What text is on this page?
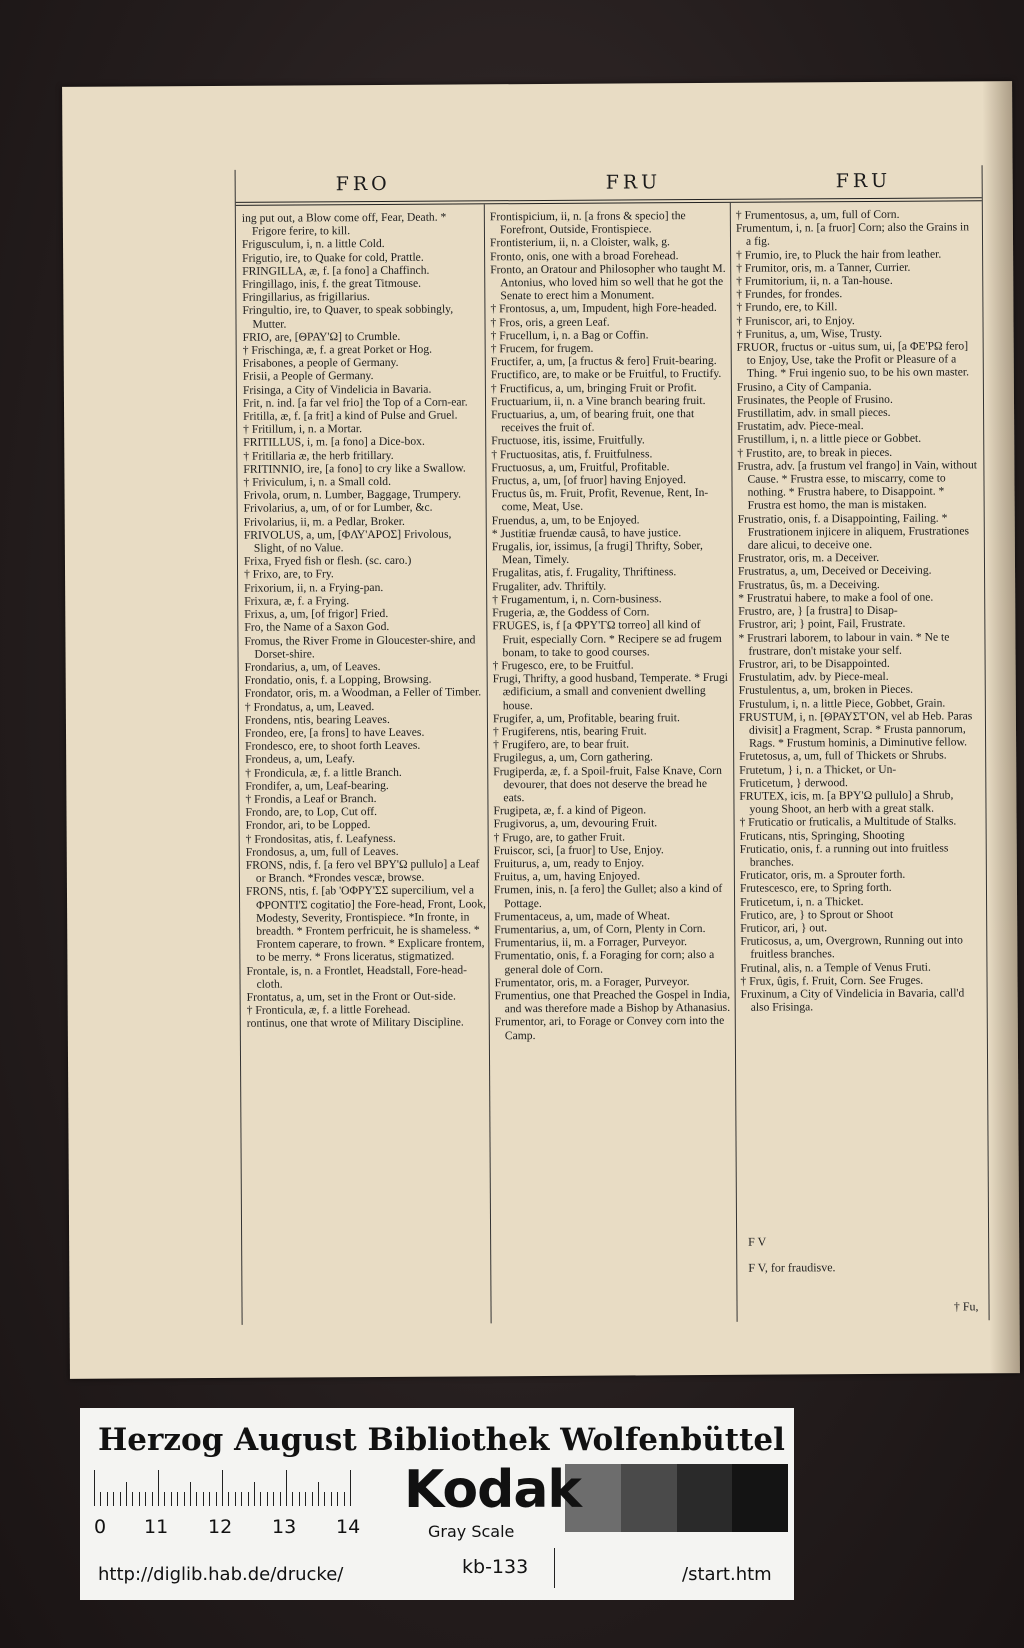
FRO	FRU	FRU
ing put out, a Blow come off, Fear, Death. * Frigore ferire, to kill.
Frigusculum, i, n. a little Cold.
Frigutio, ire, to Quake for cold, Prattle.
FRINGILLA, æ, f. [a fono] a Chaffinch.
Fringillago, inis, f. the great Titmouse.
Fringillarius, as frigillarius.
Fringultio, ire, to Quaver, to speak sobbingly, Mutter.
FRIO, are, [ΘΡΑΥ'Ω] to Crumble.
† Frischinga, æ, f. a great Porket or Hog.
Frisabones, a people of Germany.
Frisii, a People of Germany.
Frisinga, a City of Vindelicia in Bavaria.
Frit, n. ind. [a far vel frio] the Top of a Corn-ear.
Fritilla, æ, f. [a frit] a kind of Pulse and Gruel.
† Fritillum, i, n. a Mortar.
FRITILLUS, i, m. [a fono] a Dice-box.
† Fritillaria æ, the herb fritillary.
FRITINNIO, ire, [a fono] to cry like a Swallow.
† Friviculum, i, n. a Small cold.
Frivola, orum, n. Lumber, Baggage, Trumpery.
Frivolarius, a, um, of or for Lumber, &c.
Frivolarius, ii, m. a Pedlar, Broker.
FRIVOLUS, a, um, [ΦΛΥ'ΑΡΟΣ] Frivolous, Slight, of no Value.
Frixa, Fryed fish or flesh. (sc. caro.)
† Frixo, are, to Fry.
Frixorium, ii, n. a Frying-pan.
Frixura, æ, f. a Frying.
Frixus, a, um, [of frigor] Fried.
Fro, the Name of a Saxon God.
Fromus, the River Frome in Gloucester-shire, and Dorset-shire.
Frondarius, a, um, of Leaves.
Frondatio, onis, f. a Lopping, Browsing.
Frondator, oris, m. a Woodman, a Feller of Timber.
† Frondatus, a, um, Leaved.
Frondens, ntis, bearing Leaves.
Frondeo, ere, [a frons] to have Leaves.
Frondesco, ere, to shoot forth Leaves.
Frondeus, a, um, Leafy.
† Frondicula, æ, f. a little Branch.
Frondifer, a, um, Leaf-bearing.
† Frondis, a Leaf or Branch.
Frondo, are, to Lop, Cut off.
Frondor, ari, to be Lopped.
† Frondositas, atis, f. Leafyness.
Frondosus, a, um, full of Leaves.
FRONS, ndis, f. [a fero vel ΒΡΥ'Ω pullulo] a Leaf or Branch. *Frondes vescæ, browse.
FRONS, ntis, f. [ab 'ΟΦΡΥ'ΣΣ supercilium, vel a ΦΡΟΝΤΙ'Σ cogitatio] the Fore-head, Front, Look, Modesty, Severity, Frontispiece. *In fronte, in breadth. * Frontem perfricuit, he is shameless. * Frontem caperare, to frown. * Explicare frontem, to be merry. * Frons liceratus, stigmatized.
Frontale, is, n. a Frontlet, Headstall, Fore-head-cloth.
Frontatus, a, um, set in the Front or Out-side.
† Fronticula, æ, f. a little Forehead.
rontinus, one that wrote of Military Discipline.
Frontispicium, ii, n. [a frons & specio] the Forefront, Outside, Frontispiece.
Frontisterium, ii, n. a Cloister, walk, g.
Fronto, onis, one with a broad Forehead.
Fronto, an Oratour and Philosopher who taught M. Antonius, who loved him so well that he got the Senate to erect him a Monument.
† Frontosus, a, um, Impudent, high Fore-headed.
† Fros, oris, a green Leaf.
† Frucellum, i, n. a Bag or Coffin.
† Frucem, for frugem.
Fructifer, a, um, [a fructus & fero] Fruit-bearing.
Fructifico, are, to make or be Fruitful, to Fructify.
† Fructificus, a, um, bringing Fruit or Profit.
Fructuarium, ii, n. a Vine branch bearing fruit.
Fructuarius, a, um, of bearing fruit, one that receives the fruit of.
Fructuose, itis, issime, Fruitfully.
† Fructuositas, atis, f. Fruitfulness.
Fructuosus, a, um, Fruitful, Profitable.
Fructus, a, um, [of fruor] having Enjoyed.
Fructus ûs, m. Fruit, Profit, Revenue, Rent, In-come, Meat, Use.
Fruendus, a, um, to be Enjoyed.
* Justitiæ fruendæ causâ, to have justice.
Frugalis, ior, issimus, [a frugi] Thrifty, Sober, Mean, Timely.
Frugalitas, atis, f. Frugality, Thriftiness.
Frugaliter, adv. Thriftily.
† Frugamentum, i, n. Corn-business.
Frugeria, æ, the Goddess of Corn.
FRUGES, is, f [a ΦΡΥ'ΓΩ torreo] all kind of Fruit, especially Corn. * Recipere se ad frugem bonam, to take to good courses.
† Frugesco, ere, to be Fruitful.
Frugi, Thrifty, a good husband, Temperate. * Frugi ædificium, a small and convenient dwelling house.
Frugifer, a, um, Profitable, bearing fruit.
† Frugiferens, ntis, bearing Fruit.
† Frugifero, are, to bear fruit.
Frugilegus, a, um, Corn gathering.
Frugiperda, æ, f. a Spoil-fruit, False Knave, Corn devourer, that does not deserve the bread he eats.
Frugipeta, æ, f. a kind of Pigeon.
Frugivorus, a, um, devouring Fruit.
† Frugo, are, to gather Fruit.
Fruiscor, sci, [a fruor] to Use, Enjoy.
Fruiturus, a, um, ready to Enjoy.
Fruitus, a, um, having Enjoyed.
Frumen, inis, n. [a fero] the Gullet; also a kind of Pottage.
Frumentaceus, a, um, made of Wheat.
Frumentarius, a, um, of Corn, Plenty in Corn.
Frumentarius, ii, m. a Forrager, Purveyor.
Frumentatio, onis, f. a Foraging for corn; also a general dole of Corn.
Frumentator, oris, m. a Forager, Purveyor.
Frumentius, one that Preached the Gospel in India, and was therefore made a Bishop by Athanasius.
Frumentor, ari, to Forage or Convey corn into the Camp.
† Frumentosus, a, um, full of Corn.
Frumentum, i, n. [a fruor] Corn; also the Grains in a fig.
† Frumio, ire, to Pluck the hair from leather.
† Frumitor, oris, m. a Tanner, Currier.
† Frumitorium, ii, n. a Tan-house.
† Frundes, for frondes.
† Frundo, ere, to Kill.
† Fruniscor, ari, to Enjoy.
† Frunitus, a, um, Wise, Trusty.
FRUOR, fructus or -uitus sum, ui, [a ΦΕ'ΡΩ fero] to Enjoy, Use, take the Profit or Pleasure of a Thing. * Frui ingenio suo, to be his own master.
Frusino, a City of Campania.
Frusinates, the People of Frusino.
Frustillatim, adv. in small pieces.
Frustatim, adv. Piece-meal.
Frustillum, i, n. a little piece or Gobbet.
† Frustito, are, to break in pieces.
Frustra, adv. [a frustum vel frango] in Vain, without Cause. * Frustra esse, to miscarry, come to nothing. * Frustra habere, to Disappoint. * Frustra est homo, the man is mistaken.
Frustratio, onis, f. a Disappointing, Failing. * Frustrationem injicere in aliquem, Frustrationes dare alicui, to deceive one.
Frustrator, oris, m. a Deceiver.
Frustratus, a, um, Deceived or Deceiving.
Frustratus, ûs, m. a Deceiving.
* Frustratui habere, to make a fool of one.
Frustro, are, } [a frustra] to Disap-
Frustror, ari; } point, Fail, Frustrate.
* Frustrari laborem, to labour in vain. * Ne te frustrare, don't mistake your self.
Frustror, ari, to be Disappointed.
Frustulatim, adv. by Piece-meal.
Frustulentus, a, um, broken in Pieces.
Frustulum, i, n. a little Piece, Gobbet, Grain.
FRUSTUM, i, n. [ΘΡΑΥΣΤ'ΟΝ, vel ab Heb. Paras divisit] a Fragment, Scrap. * Frusta pannorum, Rags. * Frustum hominis, a Diminutive fellow.
Frutetosus, a, um, full of Thickets or Shrubs.
Frutetum, } i, n. a Thicket, or Un-
Fruticetum, } derwood.
FRUTEX, icis, m. [a ΒΡΥ'Ω pullulo] a Shrub, young Shoot, an herb with a great stalk.
† Fruticatio or fruticalis, a Multitude of Stalks.
Fruticans, ntis, Springing, Shooting
Fruticatio, onis, f. a running out into fruitless branches.
Fruticator, oris, m. a Sprouter forth.
Frutescesco, ere, to Spring forth.
Fruticetum, i, n. a Thicket.
Frutico, are, } to Sprout or Shoot
Fruticor, ari, } out.
Fruticosus, a, um, Overgrown, Running out into fruitless branches.
Frutinal, alis, n. a Temple of Venus Fruti.
† Frux, ûgis, f. Fruit, Corn. See Fruges.
Fruxinum, a City of Vindelicia in Bavaria, call'd also Frisinga.
F V
F V, for fraudisve.
† Fu,
Herzog August Bibliothek Wolfenbüttel
0 11 12 13 14
Kodak
Gray Scale
http://diglib.hab.de/drucke/	kb-133	/start.htm
